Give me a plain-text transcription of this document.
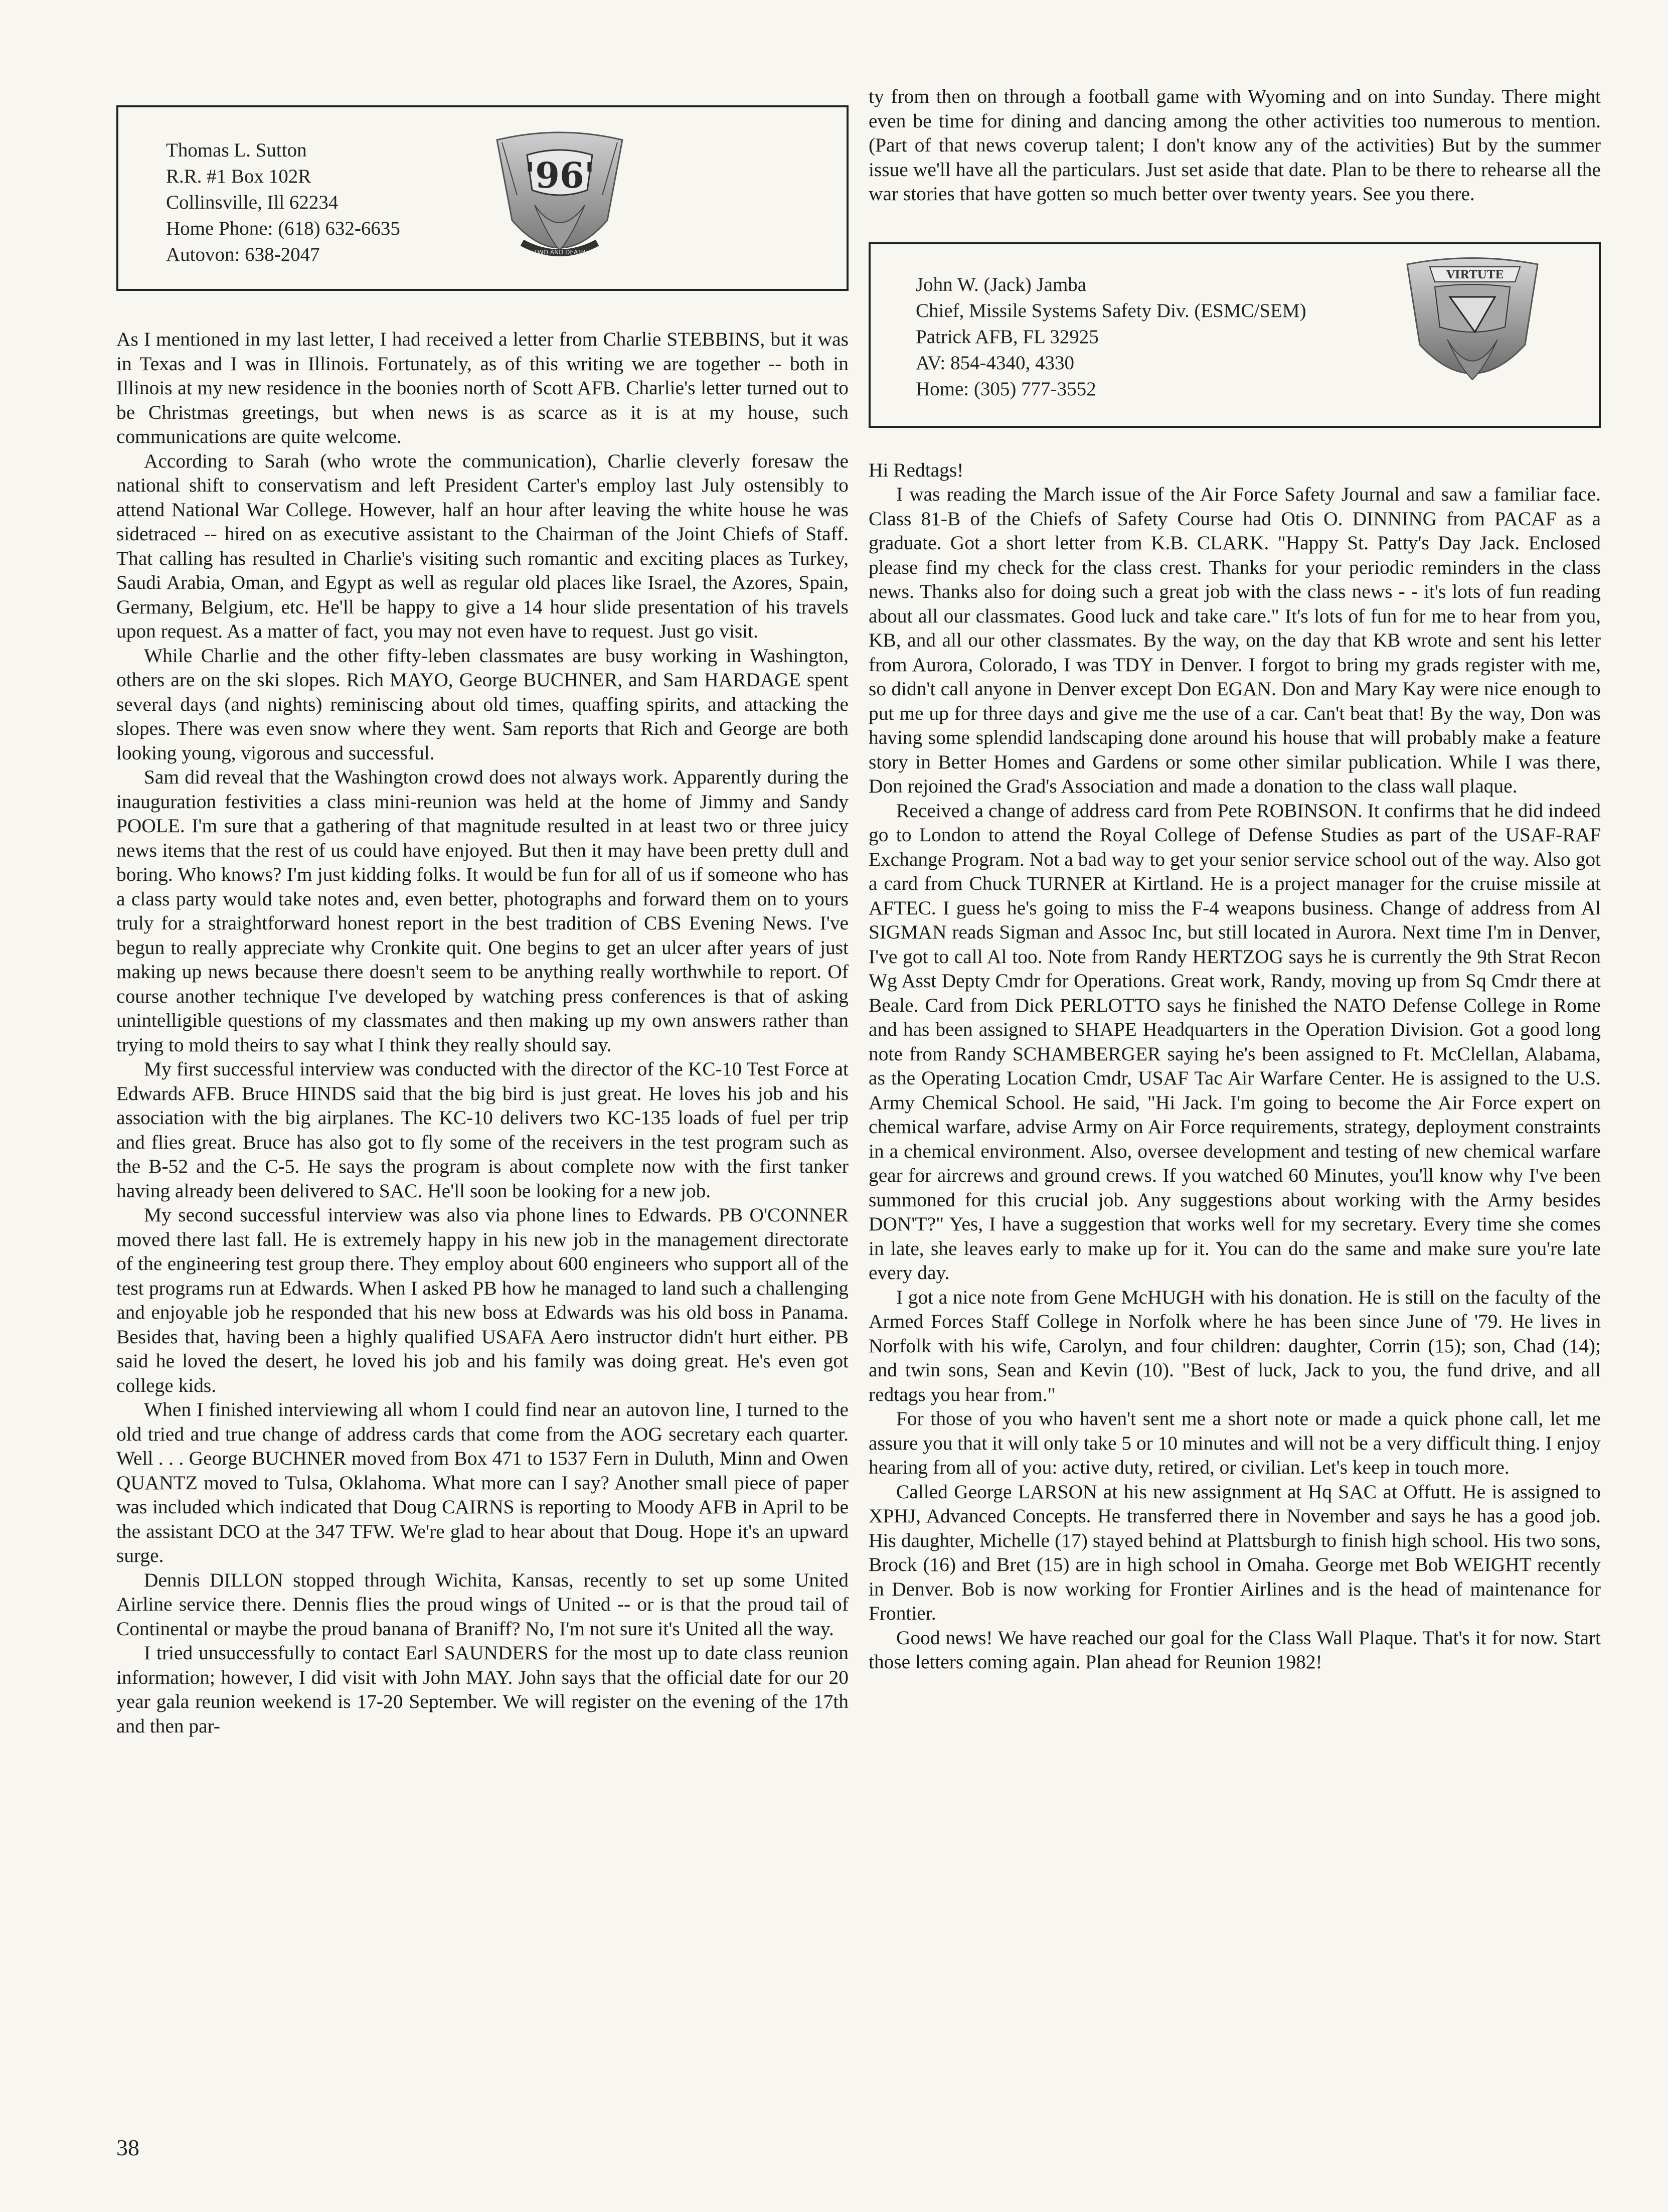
Thomas L. Sutton
R.R. #1 Box 102R
Collinsville, Ill 62234
Home Phone: (618) 632-6635
Autovon: 638-2047
'96'
TWO AND DEATH

As I mentioned in my last letter, I had received a letter from Charlie STEBBINS, but it was in Texas and I was in Illinois. Fortunately, as of this writing we are together -- both in Illinois at my new residence in the boonies north of Scott AFB. Charlie's letter turned out to be Christmas greetings, but when news is as scarce as it is at my house, such communications are quite welcome.

According to Sarah (who wrote the communication), Charlie cleverly foresaw the national shift to conservatism and left President Carter's employ last July ostensibly to attend National War College. However, half an hour after leaving the white house he was sidetraced -- hired on as executive assistant to the Chairman of the Joint Chiefs of Staff. That calling has resulted in Charlie's visiting such romantic and exciting places as Turkey, Saudi Arabia, Oman, and Egypt as well as regular old places like Israel, the Azores, Spain, Germany, Belgium, etc. He'll be happy to give a 14 hour slide presentation of his travels upon request. As a matter of fact, you may not even have to request. Just go visit.

While Charlie and the other fifty-leben classmates are busy working in Washington, others are on the ski slopes. Rich MAYO, George BUCHNER, and Sam HARDAGE spent several days (and nights) reminiscing about old times, quaffing spirits, and attacking the slopes. There was even snow where they went. Sam reports that Rich and George are both looking young, vigorous and successful.

Sam did reveal that the Washington crowd does not always work. Apparently during the inauguration festivities a class mini-reunion was held at the home of Jimmy and Sandy POOLE. I'm sure that a gathering of that magnitude resulted in at least two or three juicy news items that the rest of us could have enjoyed. But then it may have been pretty dull and boring. Who knows? I'm just kidding folks. It would be fun for all of us if someone who has a class party would take notes and, even better, photographs and forward them on to yours truly for a straightforward honest report in the best tradition of CBS Evening News. I've begun to really appreciate why Cronkite quit. One begins to get an ulcer after years of just making up news because there doesn't seem to be anything really worthwhile to report. Of course another technique I've developed by watching press conferences is that of asking unintelligible questions of my classmates and then making up my own answers rather than trying to mold theirs to say what I think they really should say.

My first successful interview was conducted with the director of the KC-10 Test Force at Edwards AFB. Bruce HINDS said that the big bird is just great. He loves his job and his association with the big airplanes. The KC-10 delivers two KC-135 loads of fuel per trip and flies great. Bruce has also got to fly some of the receivers in the test program such as the B-52 and the C-5. He says the program is about complete now with the first tanker having already been delivered to SAC. He'll soon be looking for a new job.

My second successful interview was also via phone lines to Edwards. PB O'CONNER moved there last fall. He is extremely happy in his new job in the management directorate of the engineering test group there. They employ about 600 engineers who support all of the test programs run at Edwards. When I asked PB how he managed to land such a challenging and enjoyable job he responded that his new boss at Edwards was his old boss in Panama. Besides that, having been a highly qualified USAFA Aero instructor didn't hurt either. PB said he loved the desert, he loved his job and his family was doing great. He's even got college kids.

When I finished interviewing all whom I could find near an autovon line, I turned to the old tried and true change of address cards that come from the AOG secretary each quarter. Well . . . George BUCHNER moved from Box 471 to 1537 Fern in Duluth, Minn and Owen QUANTZ moved to Tulsa, Oklahoma. What more can I say? Another small piece of paper was included which indicated that Doug CAIRNS is reporting to Moody AFB in April to be the assistant DCO at the 347 TFW. We're glad to hear about that Doug. Hope it's an upward surge.

Dennis DILLON stopped through Wichita, Kansas, recently to set up some United Airline service there. Dennis flies the proud wings of United -- or is that the proud tail of Continental or maybe the proud banana of Braniff? No, I'm not sure it's United all the way.

I tried unsuccessfully to contact Earl SAUNDERS for the most up to date class reunion information; however, I did visit with John MAY. John says that the official date for our 20 year gala reunion weekend is 17-20 September. We will register on the evening of the 17th and then par-

ty from then on through a football game with Wyoming and on into Sunday. There might even be time for dining and dancing among the other activities too numerous to mention. (Part of that news coverup talent; I don't know any of the activities) But by the summer issue we'll have all the particulars. Just set aside that date. Plan to be there to rehearse all the war stories that have gotten so much better over twenty years. See you there.

John W. (Jack) Jamba
Chief, Missile Systems Safety Div. (ESMC/SEM)
Patrick AFB, FL 32925
AV: 854-4340, 4330
Home: (305) 777-3552
VIRTUTE

Hi Redtags!

I was reading the March issue of the Air Force Safety Journal and saw a familiar face. Class 81-B of the Chiefs of Safety Course had Otis O. DINNING from PACAF as a graduate. Got a short letter from K.B. CLARK. "Happy St. Patty's Day Jack. Enclosed please find my check for the class crest. Thanks for your periodic reminders in the class news. Thanks also for doing such a great job with the class news - - it's lots of fun reading about all our classmates. Good luck and take care." It's lots of fun for me to hear from you, KB, and all our other classmates. By the way, on the day that KB wrote and sent his letter from Aurora, Colorado, I was TDY in Denver. I forgot to bring my grads register with me, so didn't call anyone in Denver except Don EGAN. Don and Mary Kay were nice enough to put me up for three days and give me the use of a car. Can't beat that! By the way, Don was having some splendid landscaping done around his house that will probably make a feature story in Better Homes and Gardens or some other similar publication. While I was there, Don rejoined the Grad's Association and made a donation to the class wall plaque.

Received a change of address card from Pete ROBINSON. It confirms that he did indeed go to London to attend the Royal College of Defense Studies as part of the USAF-RAF Exchange Program. Not a bad way to get your senior service school out of the way. Also got a card from Chuck TURNER at Kirtland. He is a project manager for the cruise missile at AFTEC. I guess he's going to miss the F-4 weapons business. Change of address from Al SIGMAN reads Sigman and Assoc Inc, but still located in Aurora. Next time I'm in Denver, I've got to call Al too. Note from Randy HERTZOG says he is currently the 9th Strat Recon Wg Asst Depty Cmdr for Operations. Great work, Randy, moving up from Sq Cmdr there at Beale. Card from Dick PERLOTTO says he finished the NATO Defense College in Rome and has been assigned to SHAPE Headquarters in the Operation Division. Got a good long note from Randy SCHAMBERGER saying he's been assigned to Ft. McClellan, Alabama, as the Operating Location Cmdr, USAF Tac Air Warfare Center. He is assigned to the U.S. Army Chemical School. He said, "Hi Jack. I'm going to become the Air Force expert on chemical warfare, advise Army on Air Force requirements, strategy, deployment constraints in a chemical environment. Also, oversee development and testing of new chemical warfare gear for aircrews and ground crews. If you watched 60 Minutes, you'll know why I've been summoned for this crucial job. Any suggestions about working with the Army besides DON'T?" Yes, I have a suggestion that works well for my secretary. Every time she comes in late, she leaves early to make up for it. You can do the same and make sure you're late every day.

I got a nice note from Gene McHUGH with his donation. He is still on the faculty of the Armed Forces Staff College in Norfolk where he has been since June of '79. He lives in Norfolk with his wife, Carolyn, and four children: daughter, Corrin (15); son, Chad (14); and twin sons, Sean and Kevin (10). "Best of luck, Jack to you, the fund drive, and all redtags you hear from."

For those of you who haven't sent me a short note or made a quick phone call, let me assure you that it will only take 5 or 10 minutes and will not be a very difficult thing. I enjoy hearing from all of you: active duty, retired, or civilian. Let's keep in touch more.

Called George LARSON at his new assignment at Hq SAC at Offutt. He is assigned to XPHJ, Advanced Concepts. He transferred there in November and says he has a good job. His daughter, Michelle (17) stayed behind at Plattsburgh to finish high school. His two sons, Brock (16) and Bret (15) are in high school in Omaha. George met Bob WEIGHT recently in Denver. Bob is now working for Frontier Airlines and is the head of maintenance for Frontier.

Good news! We have reached our goal for the Class Wall Plaque. That's it for now. Start those letters coming again. Plan ahead for Reunion 1982!

38
